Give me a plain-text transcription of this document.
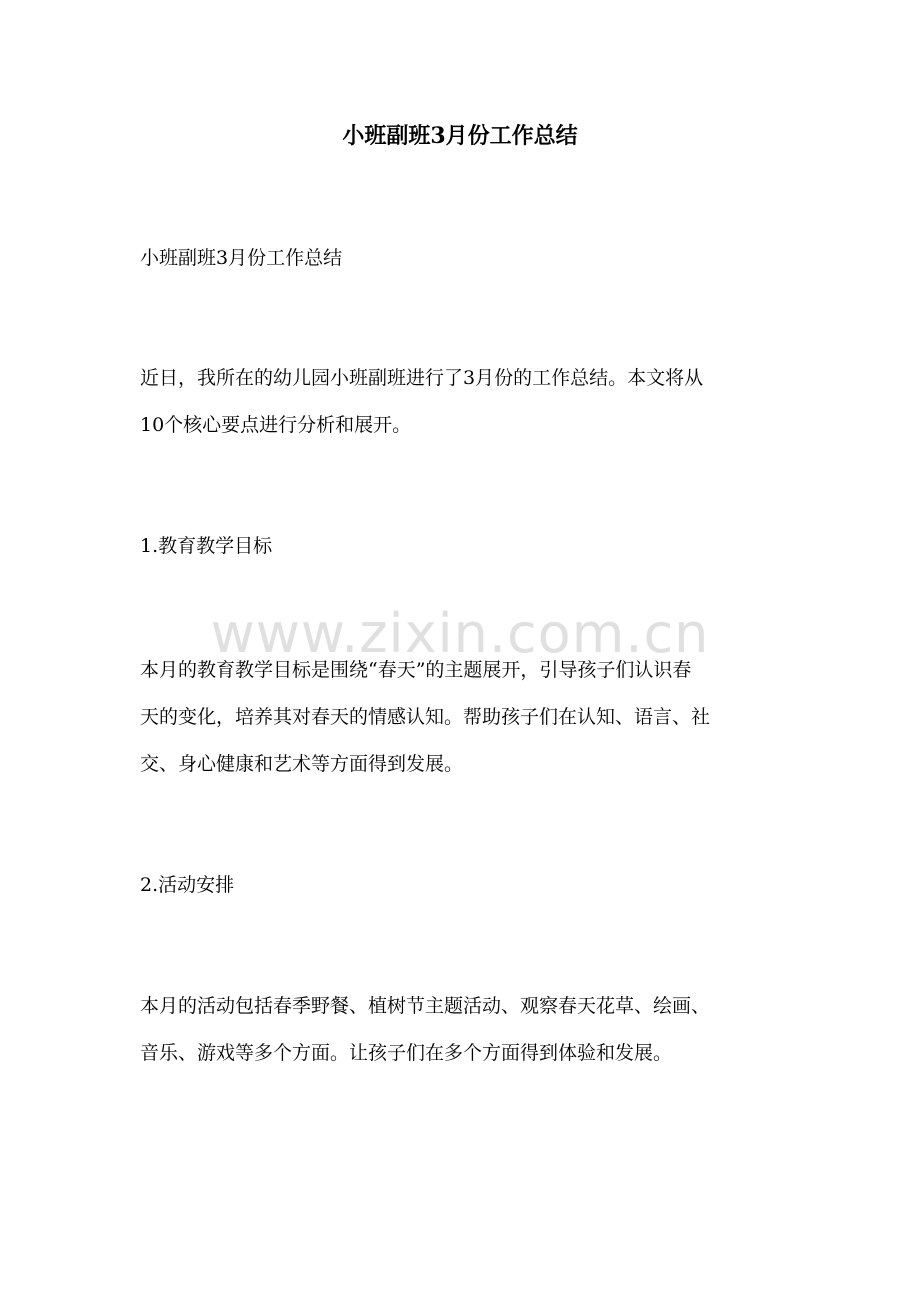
小班副班3月份工作总结

小班副班3月份工作总结

近日，我所在的幼儿园小班副班进行了3月份的工作总结。本文将从

10个核心要点进行分析和展开。

1.教育教学目标

本月的教育教学目标是围绕“春天”的主题展开，引导孩子们认识春

天的变化，培养其对春天的情感认知。帮助孩子们在认知、语言、社

交、身心健康和艺术等方面得到发展。

2.活动安排

本月的活动包括春季野餐、植树节主题活动、观察春天花草、绘画、

音乐、游戏等多个方面。让孩子们在多个方面得到体验和发展。

www.zixin.com.cn
